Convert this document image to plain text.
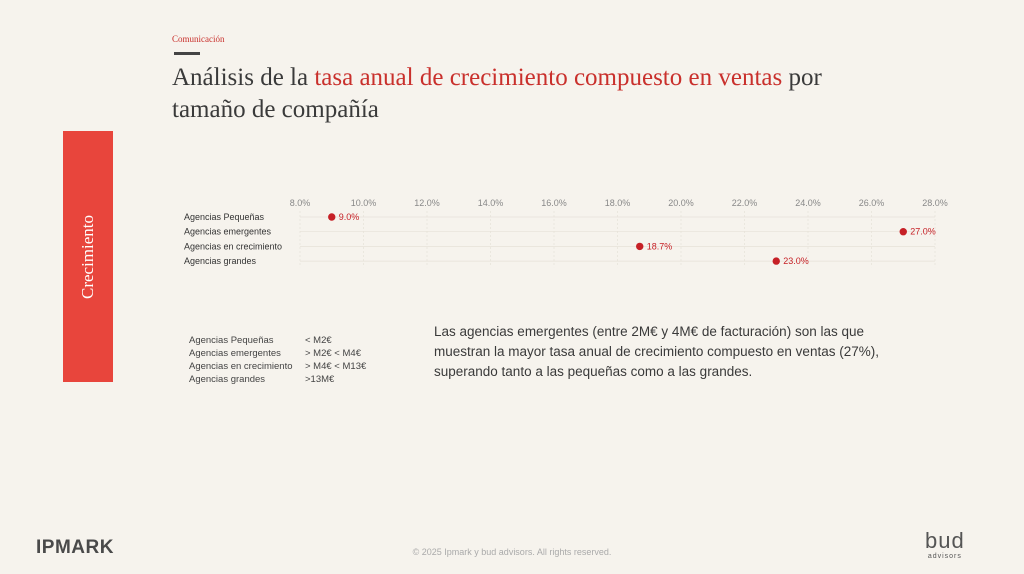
Comunicación
Análisis de la tasa anual de crecimiento compuesto en ventas por tamaño de compañía
Crecimiento
8.0%	10.0%	12.0%	14.0%	16.0%	18.0%	20.0%	22.0%	24.0%	26.0%	28.0%
Agencias Pequeñas	9.0%
Agencias emergentes	27.0%
Agencias en crecimiento	18.7%
Agencias grandes	23.0%
Agencias Pequeñas	< M2€
Agencias emergentes	> M2€ < M4€
Agencias en crecimiento	> M4€ < M13€
Agencias grandes	>13M€

Las agencias emergentes (entre 2M€ y 4M€ de facturación) son las que muestran la mayor tasa anual de crecimiento compuesto en ventas (27%), superando tanto a las pequeñas como a las grandes.

IPMARK	© 2025 Ipmark y bud advisors. All rights reserved.	bud
advisors
